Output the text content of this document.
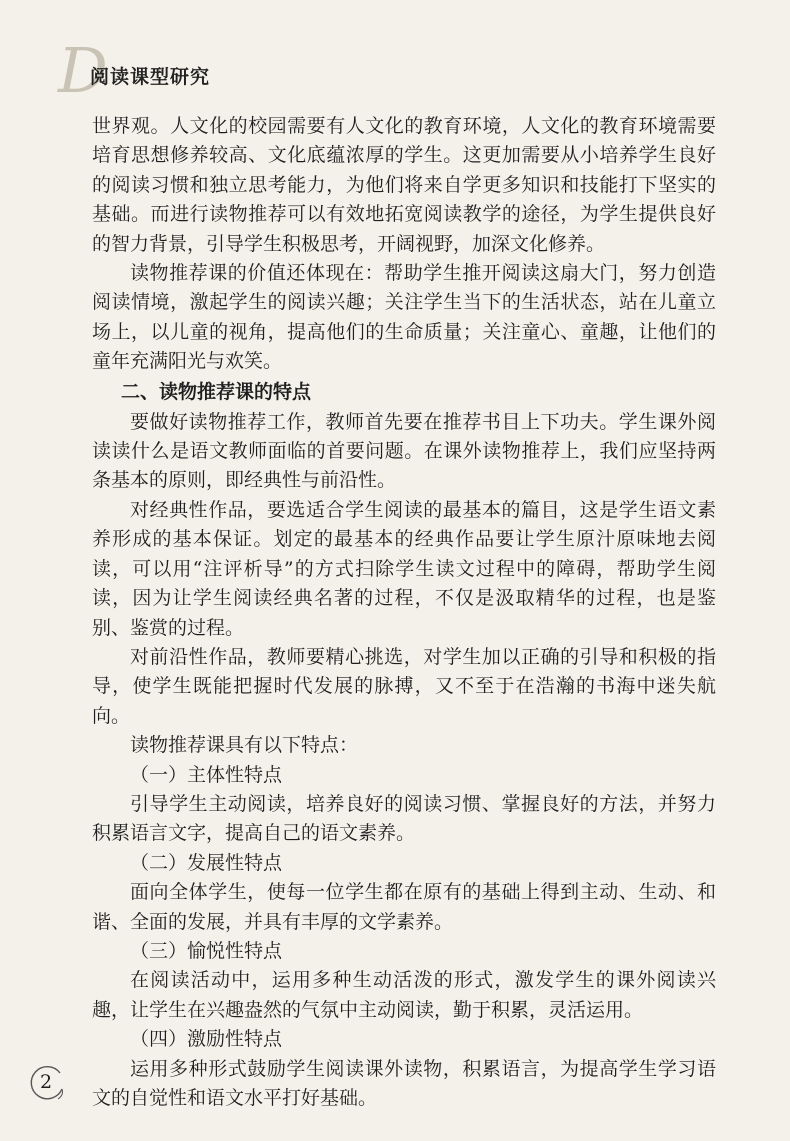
D
阅读课型研究

世界观。人文化的校园需要有人文化的教育环境，人文化的教育环境需要培育思想修养较高、文化底蕴浓厚的学生。这更加需要从小培养学生良好的阅读习惯和独立思考能力，为他们将来自学更多知识和技能打下坚实的基础。而进行读物推荐可以有效地拓宽阅读教学的途径，为学生提供良好的智力背景，引导学生积极思考，开阔视野，加深文化修养。

读物推荐课的价值还体现在：帮助学生推开阅读这扇大门，努力创造阅读情境，激起学生的阅读兴趣；关注学生当下的生活状态，站在儿童立场上，以儿童的视角，提高他们的生命质量；关注童心、童趣，让他们的童年充满阳光与欢笑。

二、读物推荐课的特点

要做好读物推荐工作，教师首先要在推荐书目上下功夫。学生课外阅读读什么是语文教师面临的首要问题。在课外读物推荐上，我们应坚持两条基本的原则，即经典性与前沿性。

对经典性作品，要选适合学生阅读的最基本的篇目，这是学生语文素养形成的基本保证。划定的最基本的经典作品要让学生原汁原味地去阅读，可以用“注评析导”的方式扫除学生读文过程中的障碍，帮助学生阅读，因为让学生阅读经典名著的过程，不仅是汲取精华的过程，也是鉴别、鉴赏的过程。

对前沿性作品，教师要精心挑选，对学生加以正确的引导和积极的指导，使学生既能把握时代发展的脉搏，又不至于在浩瀚的书海中迷失航向。

读物推荐课具有以下特点：

（一）主体性特点

引导学生主动阅读，培养良好的阅读习惯、掌握良好的方法，并努力积累语言文字，提高自己的语文素养。

（二）发展性特点

面向全体学生，使每一位学生都在原有的基础上得到主动、生动、和谐、全面的发展，并具有丰厚的文学素养。

（三）愉悦性特点

在阅读活动中，运用多种生动活泼的形式，激发学生的课外阅读兴趣，让学生在兴趣盎然的气氛中主动阅读，勤于积累，灵活运用。

（四）激励性特点

运用多种形式鼓励学生阅读课外读物，积累语言，为提高学生学习语文的自觉性和语文水平打好基础。

2
